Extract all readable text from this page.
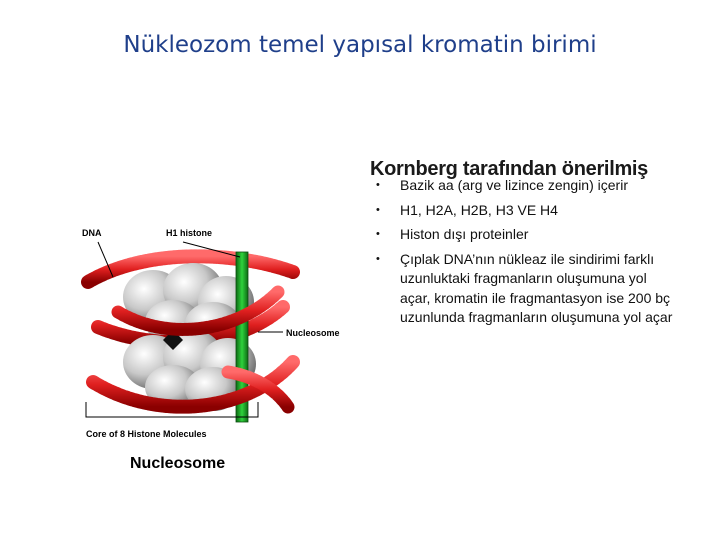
Nükleozom temel yapısal kromatin birimi
DNA	H1 histone
Nucleosome
Core of 8 Histone Molecules
Nucleosome
Kornberg tarafından önerilmiş
• Bazik aa (arg ve lizince zengin) içerir
• H1, H2A, H2B, H3 VE H4
• Histon dışı proteinler
• Çıplak DNA’nın nükleaz ile sindirimi farklı uzunluktaki fragmanların oluşumuna yol açar, kromatin ile fragmantasyon ise 200 bç uzunlunda fragmanların oluşumuna yol açar
